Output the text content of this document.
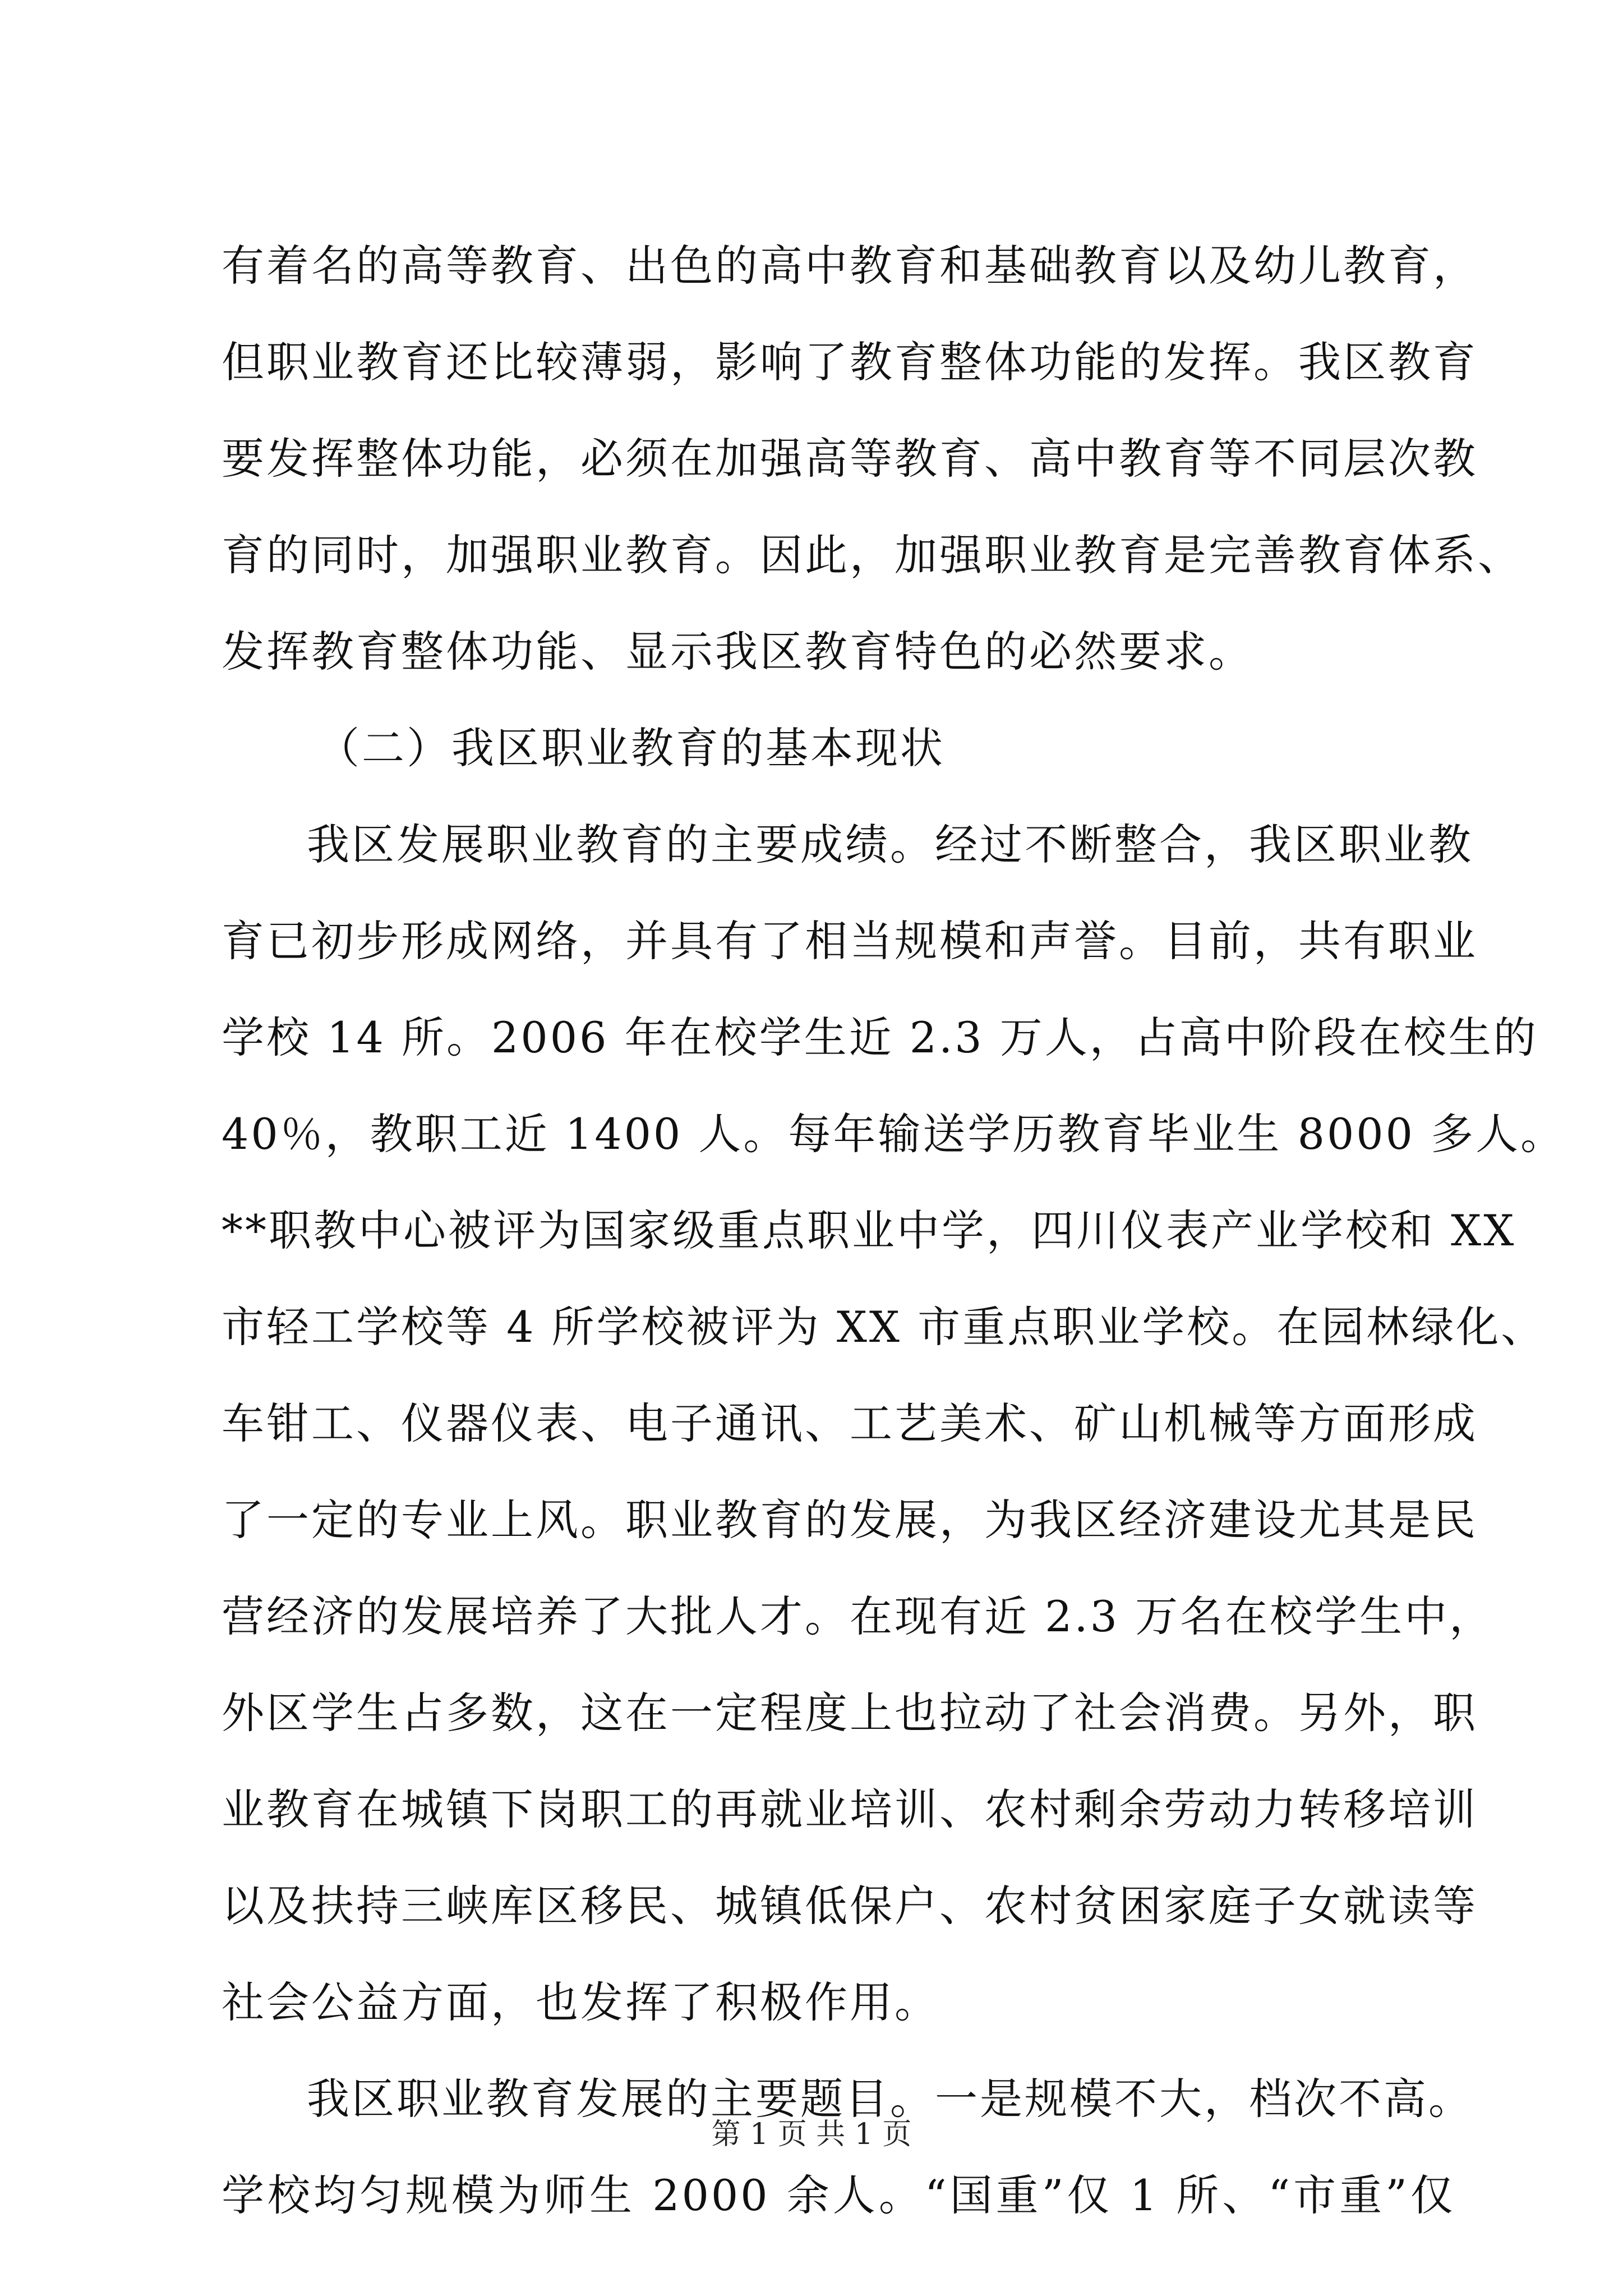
有着名的高等教育、出色的高中教育和基础教育以及幼儿教育，
但职业教育还比较薄弱，影响了教育整体功能的发挥。我区教育
要发挥整体功能，必须在加强高等教育、高中教育等不同层次教
育的同时，加强职业教育。因此，加强职业教育是完善教育体系、
发挥教育整体功能、显示我区教育特色的必然要求。
（二）我区职业教育的基本现状
我区发展职业教育的主要成绩。经过不断整合，我区职业教
育已初步形成网络，并具有了相当规模和声誉。目前，共有职业
学校 14 所。2006 年在校学生近 2.3 万人，占高中阶段在校生的
40％，教职工近 1400 人。每年输送学历教育毕业生 8000 多人。
**职教中心被评为国家级重点职业中学，四川仪表产业学校和 XX
市轻工学校等 4 所学校被评为 XX 市重点职业学校。在园林绿化、
车钳工、仪器仪表、电子通讯、工艺美术、矿山机械等方面形成
了一定的专业上风。职业教育的发展，为我区经济建设尤其是民
营经济的发展培养了大批人才。在现有近 2.3 万名在校学生中，
外区学生占多数，这在一定程度上也拉动了社会消费。另外，职
业教育在城镇下岗职工的再就业培训、农村剩余劳动力转移培训
以及扶持三峡库区移民、城镇低保户、农村贫困家庭子女就读等
社会公益方面，也发挥了积极作用。
我区职业教育发展的主要题目。一是规模不大，档次不高。
学校均匀规模为师生 2000 余人。“国重”仅 1 所、“市重”仅
第 1 页 共 1 页
